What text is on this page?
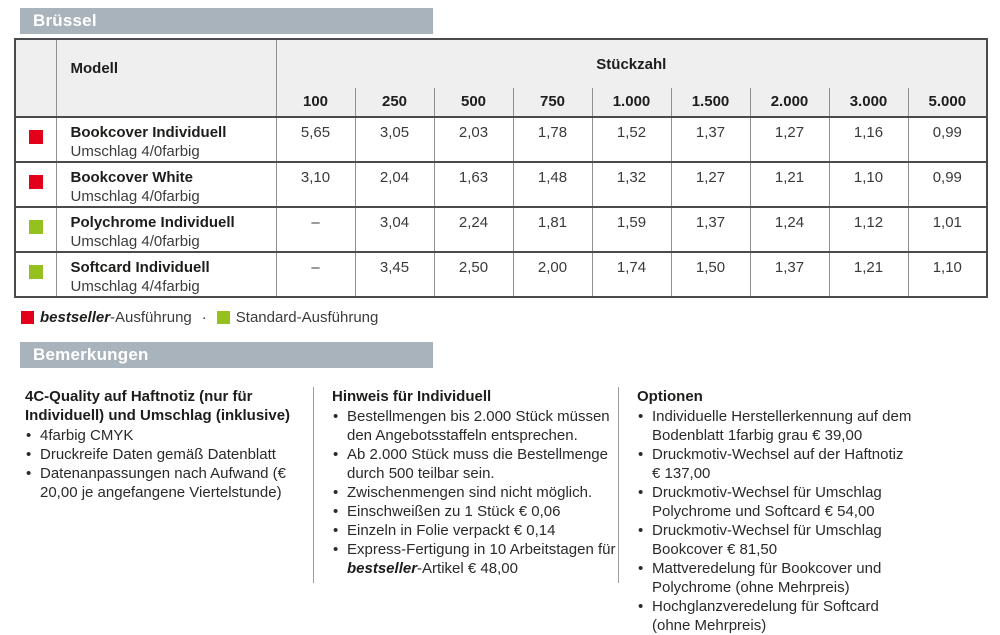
Brüssel
	Modell	Stückzahl								
		100	250	500	750	1.000	1.500	2.000	3.000	5.000

	Bookcover Individuell
Umschlag 4/0farbig	5,65	3,05	2,03	1,78	1,52	1,37	1,27	1,16	0,99

	Bookcover White
Umschlag 4/0farbig	3,10	2,04	1,63	1,48	1,32	1,27	1,21	1,10	0,99

	Polychrome Individuell
Umschlag 4/0farbig	–	3,04	2,24	1,81	1,59	1,37	1,24	1,12	1,01

	Softcard Individuell
Umschlag 4/4farbig	–	3,45	2,50	2,00	1,74	1,50	1,37	1,21	1,10
bestseller-Ausführung · Standard-Ausführung
Bemerkungen

4C-Quality auf Haftnotiz (nur für Individuell) und Umschlag (inklusive)

• 4farbig CMYK
• Druckreife Daten gemäß Datenblatt
• Datenanpassungen nach Aufwand (€ 20,00 je angefangene Viertelstunde)

Hinweis für Individuell

• Bestellmengen bis 2.000 Stück müssen den Angebotsstaffeln entsprechen.
• Ab 2.000 Stück muss die Bestellmenge durch 500 teilbar sein.
• Zwischenmengen sind nicht möglich.
• Einschweißen zu 1 Stück € 0,06
• Einzeln in Folie verpackt € 0,14
• Express-Fertigung in 10 Arbeitstagen für bestseller-Artikel € 48,00

Optionen

• Individuelle Herstellerkennung auf dem Bodenblatt 1farbig grau € 39,00
• Druckmotiv-Wechsel auf der Haftnotiz € 137,00
• Druckmotiv-Wechsel für Umschlag Polychrome und Softcard € 54,00
• Druckmotiv-Wechsel für Umschlag Bookcover € 81,50
• Mattveredelung für Bookcover und Polychrome (ohne Mehrpreis)
• Hochglanzveredelung für Softcard (ohne Mehrpreis)
